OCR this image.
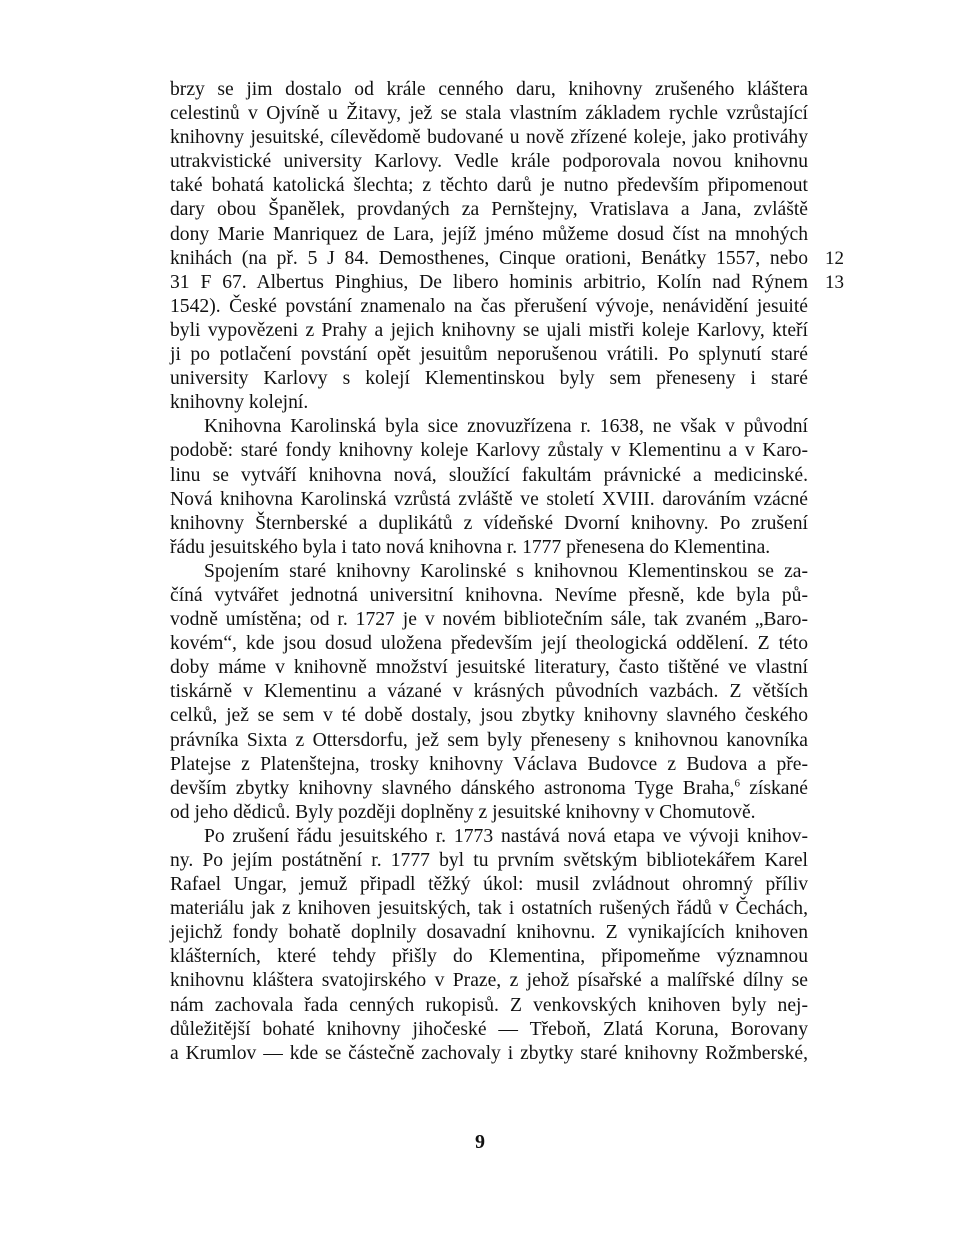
brzy se jim dostalo od krále cenného daru, knihovny zrušeného kláštera
celestinů v Ojvíně u Žitavy, jež se stala vlastním základem rychle vzrůstající
knihovny jesuitské, cílevědomě budované u nově zřízené koleje, jako protiváhy
utrakvistické university Karlovy. Vedle krále podporovala novou knihovnu
také bohatá katolická šlechta; z těchto darů je nutno především připomenout
dary obou Španělek, provdaných za Pernštejny, Vratislava a Jana, zvláště
dony Marie Manriquez de Lara, jejíž jméno můžeme dosud číst na mnohých
knihách (na př. 5 J 84. Demosthenes, Cinque orationi, Benátky 1557, nebo 12
31 F 67. Albertus Pinghius, De libero hominis arbitrio, Kolín nad Rýnem 13
1542). České povstání znamenalo na čas přerušení vývoje, nenávidění jesuité
byli vypovězeni z Prahy a jejich knihovny se ujali mistři koleje Karlovy, kteří
ji po potlačení povstání opět jesuitům neporušenou vrátili. Po splynutí staré
university Karlovy s kolejí Klementinskou byly sem přeneseny i staré
knihovny kolejní.
Knihovna Karolinská byla sice znovuzřízena r. 1638, ne však v původní
podobě: staré fondy knihovny koleje Karlovy zůstaly v Klementinu a v Karo-
linu se vytváří knihovna nová, sloužící fakultám právnické a medicinské.
Nová knihovna Karolinská vzrůstá zvláště ve století XVIII. darováním vzácné
knihovny Šternberské a duplikátů z vídeňské Dvorní knihovny. Po zrušení
řádu jesuitského byla i tato nová knihovna r. 1777 přenesena do Klementina.
Spojením staré knihovny Karolinské s knihovnou Klementinskou se za-
číná vytvářet jednotná universitní knihovna. Nevíme přesně, kde byla pů-
vodně umístěna; od r. 1727 je v novém bibliotečním sále, tak zvaném „Baro-
kovém“, kde jsou dosud uložena především její theologická oddělení. Z této
doby máme v knihovně množství jesuitské literatury, často tištěné ve vlastní
tiskárně v Klementinu a vázané v krásných původních vazbách. Z větších
celků, jež se sem v té době dostaly, jsou zbytky knihovny slavného českého
právníka Sixta z Ottersdorfu, jež sem byly přeneseny s knihovnou kanovníka
Platejse z Platenštejna, trosky knihovny Václava Budovce z Budova a pře-
devším zbytky knihovny slavného dánského astronoma Tyge Braha,$^6$ získané
od jeho dědiců. Byly později doplněny z jesuitské knihovny v Chomutově.
Po zrušení řádu jesuitského r. 1773 nastává nová etapa ve vývoji knihov-
ny. Po jejím postátnění r. 1777 byl tu prvním světským bibliotekářem Karel
Rafael Ungar, jemuž připadl těžký úkol: musil zvládnout ohromný příliv
materiálu jak z knihoven jesuitských, tak i ostatních rušených řádů v Čechách,
jejichž fondy bohatě doplnily dosavadní knihovnu. Z vynikajících knihoven
klášterních, které tehdy přišly do Klementina, připomeňme významnou
knihovnu kláštera svatojirského v Praze, z jehož písařské a malířské dílny se
nám zachovala řada cenných rukopisů. Z venkovských knihoven byly nej-
důležitější bohaté knihovny jihočeské — Třeboň, Zlatá Koruna, Borovany
a Krumlov — kde se částečně zachovaly i zbytky staré knihovny Rožmberské,
9
